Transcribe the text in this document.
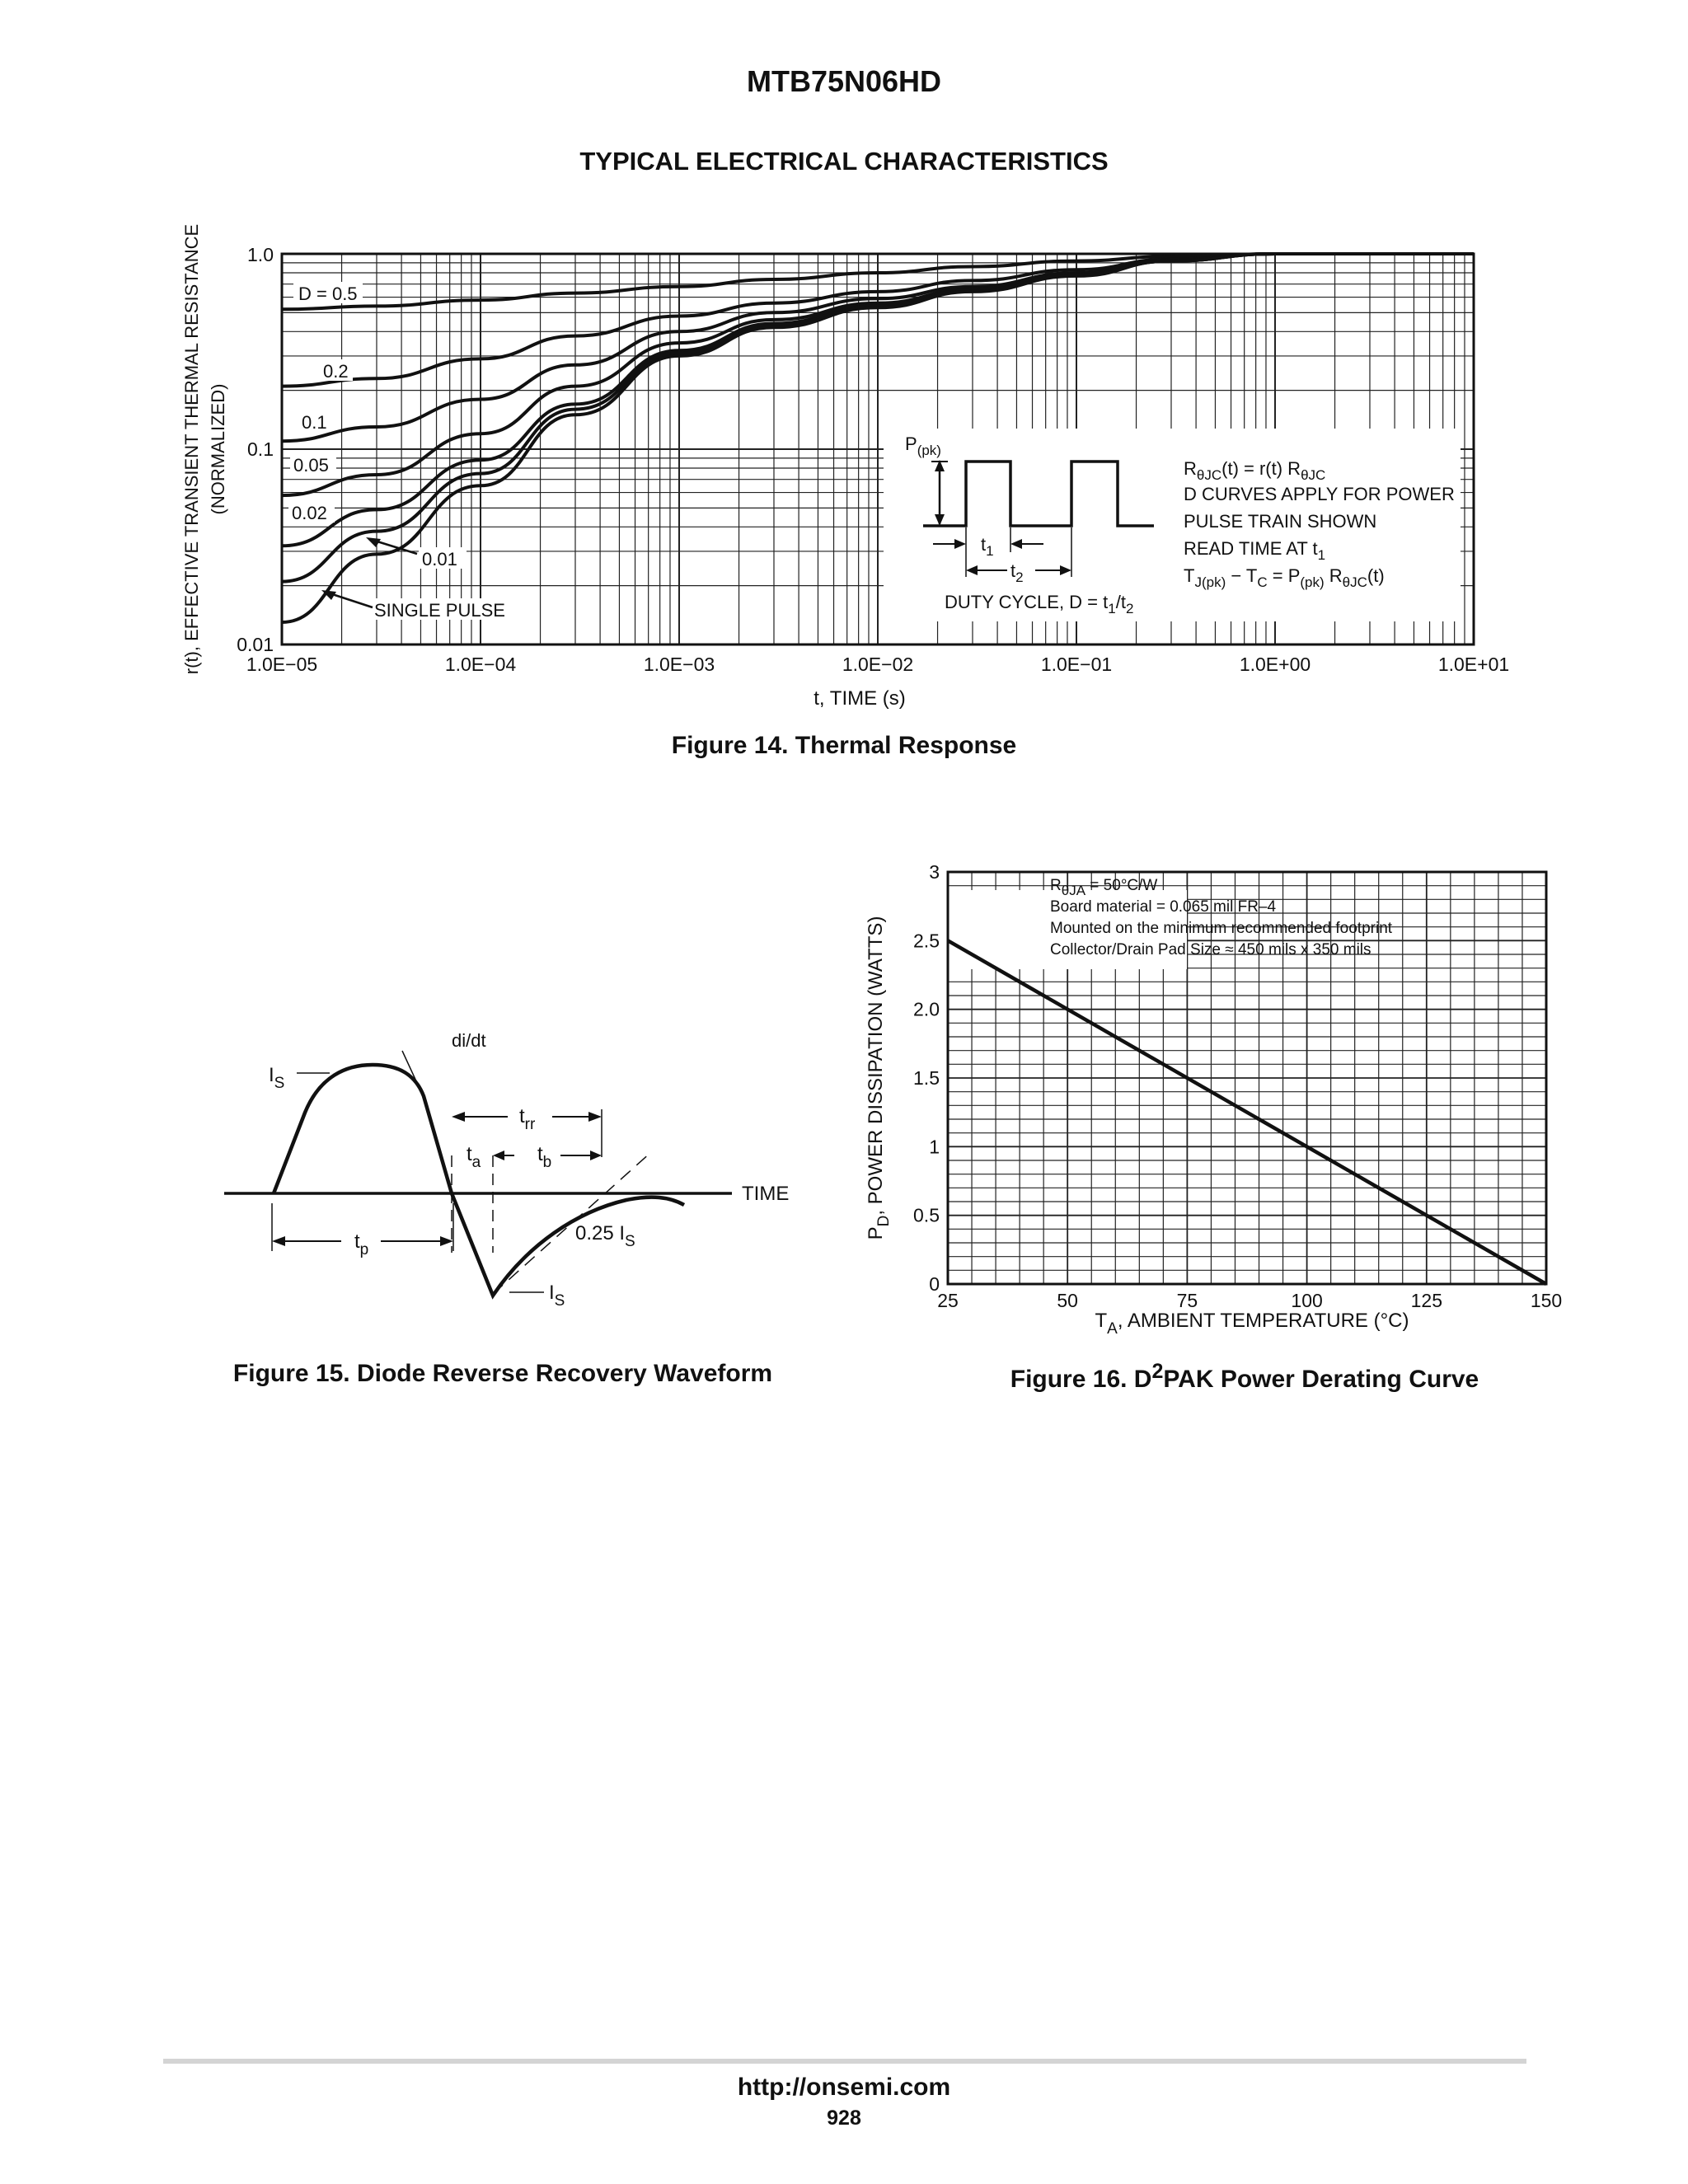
MTB75N06HD
TYPICAL ELECTRICAL CHARACTERISTICS
1.0E−05	1.0E−04	1.0E−03	1.0E−02	1.0E−01	1.0E+00	1.0E+01
1.0
0.1
0.01
t, TIME (s)
r(t), EFFECTIVE TRANSIENT THERMAL RESISTANCE (NORMALIZED)
D = 0.5
0.2
0.1
0.05
0.02
0.01
SINGLE PULSE
$P_{(pk)}$
$t_1$
$t_2$
DUTY CYCLE, $D = t_1/t_2$
$R_{\theta JC}(t) = r(t)$ $R_{\theta JC}$
D CURVES APPLY FOR POWER
PULSE TRAIN SHOWN
READ TIME AT $t_1$
$T_{J(pk)} - T_C = P_{(pk)}$ $R_{\theta JC}(t)$
Figure 14. Thermal Response
TIME
$I_S$
di/dt
$t_{rr}$
$t_a$	$t_b$
$t_p$
0.25 $I_S$
$I_S$
Figure 15. Diode Reverse Recovery Waveform
25	50	75	100	125	150
0
0.5
1
1.5
2.0
2.5
3
RθJA = 50°C/W
Board material = 0.065 mil FR–4
Mounted on the minimum recommended footprint
Collector/Drain Pad Size ≈ 450 mils x 350 mils
$T_A$, AMBIENT TEMPERATURE (°C)
$P_D$, POWER DISSIPATION (WATTS)
Figure 16. $D^2PAK$ Power Derating Curve
http://onsemi.com
928
